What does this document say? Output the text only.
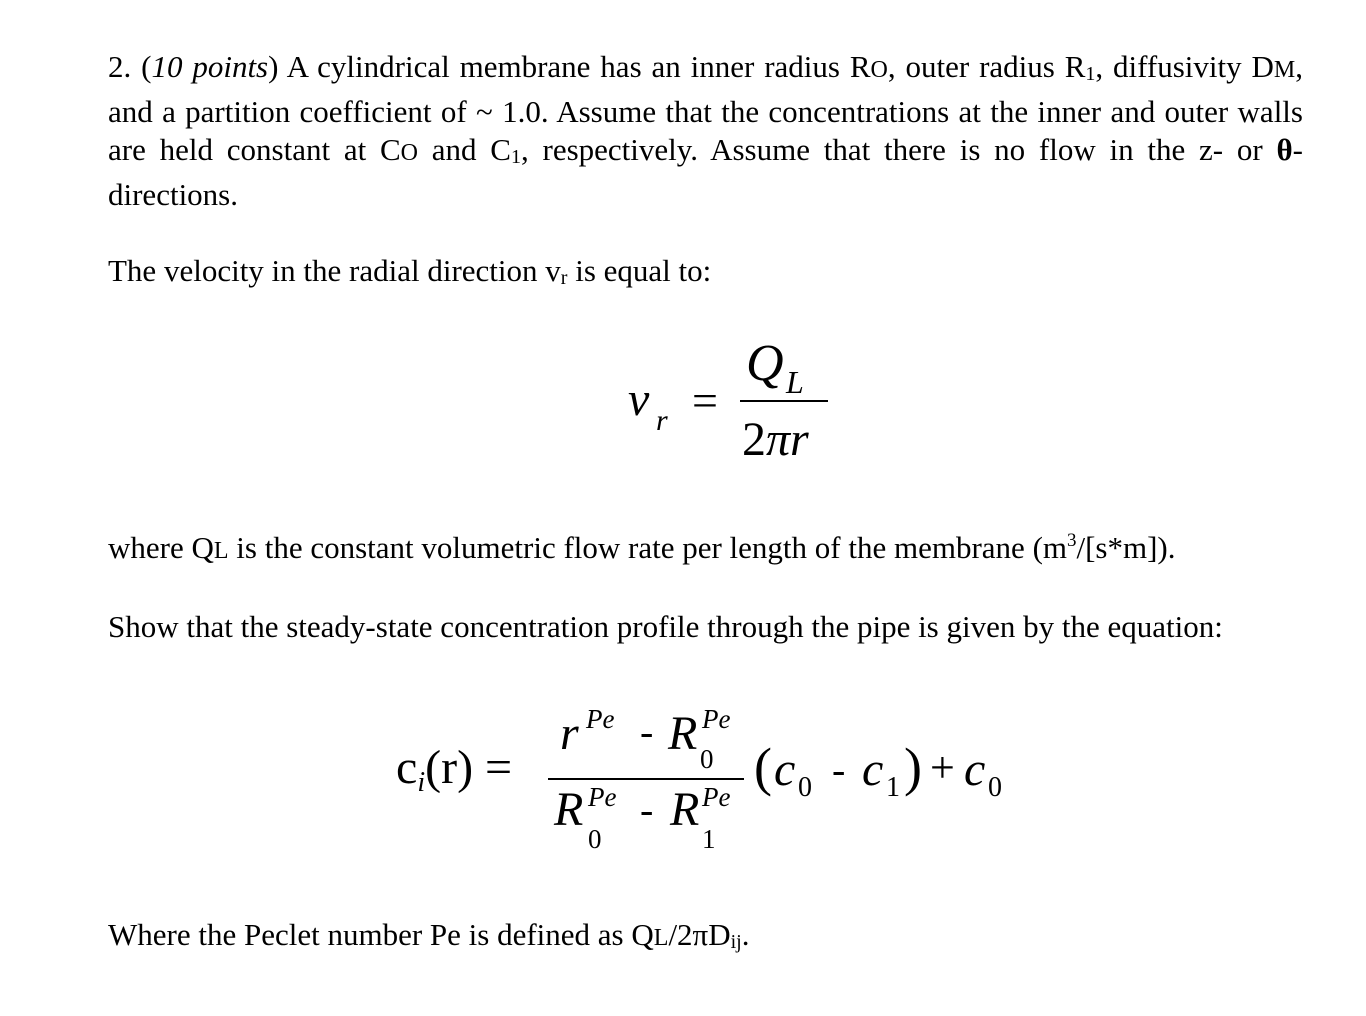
2. (10 points) A cylindrical membrane has an inner radius RO, outer radius R1, diffusivity DM, and a partition coefficient of ~ 1.0. Assume that the concentrations at the inner and outer walls are held constant at CO and C1, respectively. Assume that there is no flow in the z- or θ-directions.

The velocity in the radial direction vr is equal to:

where QL is the constant volumetric flow rate per length of the membrane $(m^3/[s*m])$.

Show that the steady-state concentration profile through the pipe is given by the equation:

Where the Peclet number Pe is defined as QL/2πDij.

v r =
Q L
2πr
ci(r) =
r Pe - R Pe
0
R Pe
0
- R Pe
1
( c 0 - c 1 ) + c 0
